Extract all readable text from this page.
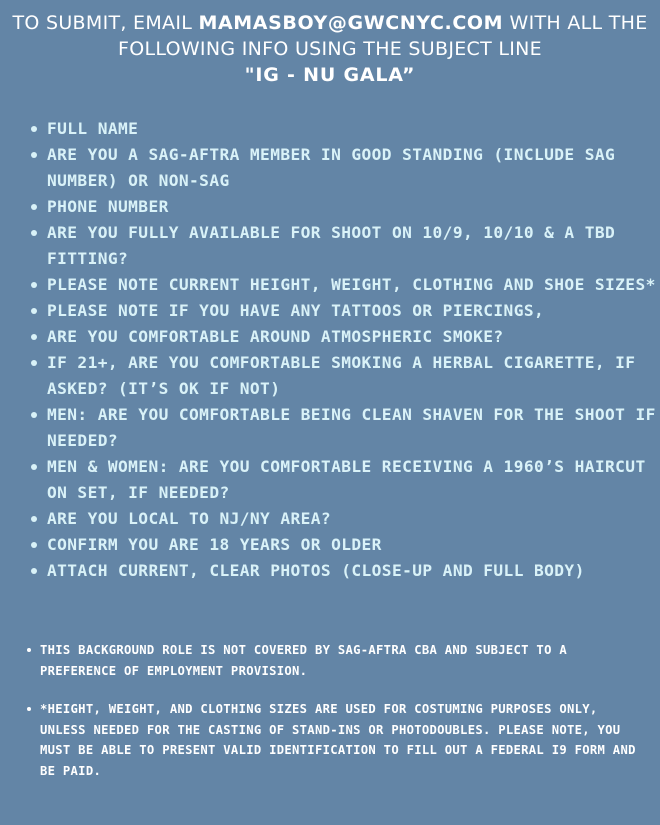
TO SUBMIT, EMAIL MAMASBOY@GWCNYC.COM WITH ALL THE FOLLOWING INFO USING THE SUBJECT LINE
"IG - NU GALA”
FULL NAME
ARE YOU A SAG-AFTRA MEMBER IN GOOD STANDING (INCLUDE SAG NUMBER) OR NON-SAG
PHONE NUMBER
ARE YOU FULLY AVAILABLE FOR SHOOT ON 10/9, 10/10 & A TBD FITTING?
PLEASE NOTE CURRENT HEIGHT, WEIGHT, CLOTHING AND SHOE SIZES*
PLEASE NOTE IF YOU HAVE ANY TATTOOS OR PIERCINGS,
ARE YOU COMFORTABLE AROUND ATMOSPHERIC SMOKE?
IF 21+, ARE YOU COMFORTABLE SMOKING A HERBAL CIGARETTE, IF ASKED? (IT’S OK IF NOT)
MEN: ARE YOU COMFORTABLE BEING CLEAN SHAVEN FOR THE SHOOT IF NEEDED?
MEN & WOMEN: ARE YOU COMFORTABLE RECEIVING A 1960’S HAIRCUT ON SET, IF NEEDED?
ARE YOU LOCAL TO NJ/NY AREA?
CONFIRM YOU ARE 18 YEARS OR OLDER
ATTACH CURRENT, CLEAR PHOTOS (CLOSE-UP AND FULL BODY)
THIS BACKGROUND ROLE IS NOT COVERED BY SAG-AFTRA CBA AND SUBJECT TO A PREFERENCE OF EMPLOYMENT PROVISION.
*HEIGHT, WEIGHT, AND CLOTHING SIZES ARE USED FOR COSTUMING PURPOSES ONLY, UNLESS NEEDED FOR THE CASTING OF STAND-INS OR PHOTODOUBLES. PLEASE NOTE, YOU MUST BE ABLE TO PRESENT VALID IDENTIFICATION TO FILL OUT A FEDERAL I9 FORM AND BE PAID.
